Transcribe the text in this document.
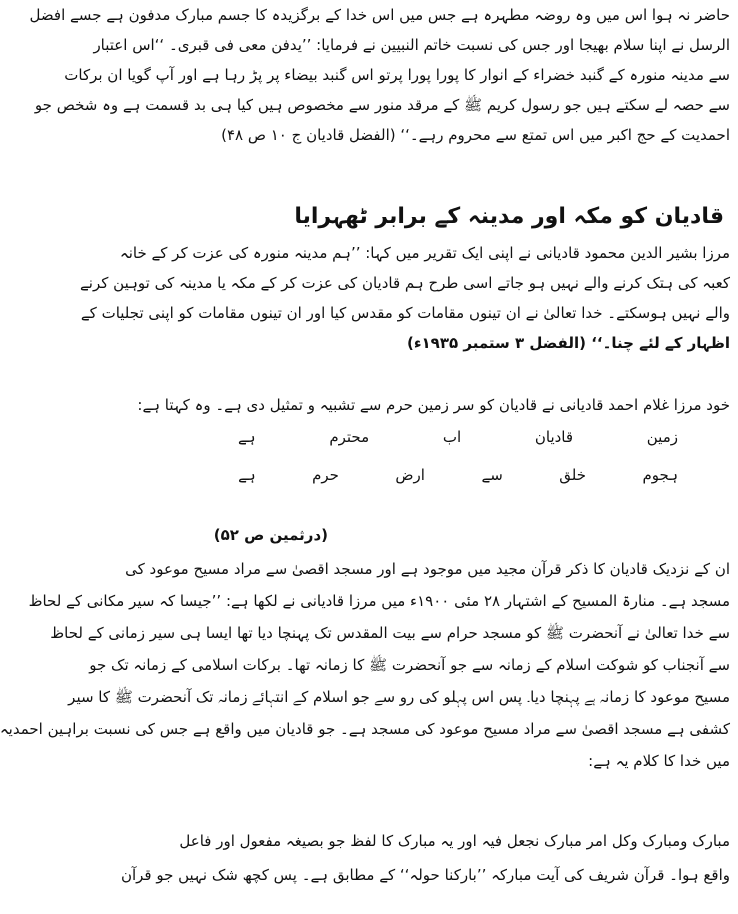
حاضر نہ ہوا اس میں وہ روضہ مطہرہ ہے جس میں اس خدا کے برگزیدہ کا جسم مبارک مدفون ہے جسے افضل
الرسل نے اپنا سلام بھیجا اور جس کی نسبت خاتم النبیین نے فرمایا: ’’یدفن معی فی قبری۔ ‘‘اس اعتبار
سے مدینہ منورہ کے گنبد خضراء کے انوار کا پورا پورا پرتو اس گنبد بیضاء پر پڑ رہا ہے اور آپ گویا ان برکات
سے حصہ لے سکتے ہیں جو رسول کریم ﷺ کے مرقد منور سے مخصوص ہیں کیا ہی بد قسمت ہے وہ شخص جو
احمدیت کے حج اکبر میں اس تمتع سے محروم رہے۔‘‘ (الفضل قادیان ج ۱۰ ص ۴۸)
قادیان کو مکہ اور مدینہ کے برابر ٹھہرایا
مرزا بشیر الدین محمود قادیانی نے اپنی ایک تقریر میں کہا: ’’ہم مدینہ منورہ کی عزت کر کے خانہ
کعبہ کی ہتک کرنے والے نہیں ہو جاتے اسی طرح ہم قادیان کی عزت کر کے مکہ یا مدینہ کی توہین کرنے
والے نہیں ہوسکتے۔ خدا تعالیٰ نے ان تینوں مقامات کو مقدس کیا اور ان تینوں مقامات کو اپنی تجلیات کے
اظہار کے لئے چنا۔‘‘ (الفضل ۳ ستمبر ۱۹۳۵ء)
خود مرزا غلام احمد قادیانی نے قادیان کو سر زمین حرم سے تشبیہ و تمثیل دی ہے۔ وہ کہتا ہے:
زمین
قادیان
اب
محترم
ہے
ہجوم
خلق
سے
ارض
حرم
ہے
(درثمین ص ۵۲)
ان کے نزدیک قادیان کا ذکر قرآن مجید میں موجود ہے اور مسجد اقصیٰ سے مراد مسیح موعود کی
مسجد ہے۔ منارۃ المسیح کے اشتہار ۲۸ مئی ۱۹۰۰ء میں مرزا قادیانی نے لکھا ہے: ’’جیسا کہ سیر مکانی کے لحاظ
سے خدا تعالیٰ نے آنحضرت ﷺ کو مسجد حرام سے بیت المقدس تک پہنچا دیا تھا ایسا ہی سیر زمانی کے لحاظ
سے آنجناب کو شوکت اسلام کے زمانہ سے جو آنحضرت ﷺ کا زمانہ تھا۔ برکات اسلامی کے زمانہ تک جو
مسیح موعود کا زمانہ ہے پہنچا دیا۔ پس اس پہلو کی رو سے جو اسلام کے انتہائے زمانہ تک آنحضرت ﷺ کا سیر
کشفی ہے مسجد اقصیٰ سے مراد مسیح موعود کی مسجد ہے۔ جو قادیان میں واقع ہے جس کی نسبت براہین احمدیہ
میں خدا کا کلام یہ ہے:
مبارک ومبارک وکل امر مبارک نجعل فیہ اور یہ مبارک کا لفظ جو بصیغہ مفعول اور فاعل
واقع ہوا۔ قرآن شریف کی آیت مبارکہ ’’بارکنا حولہ‘‘ کے مطابق ہے۔ پس کچھ شک نہیں جو قرآن
